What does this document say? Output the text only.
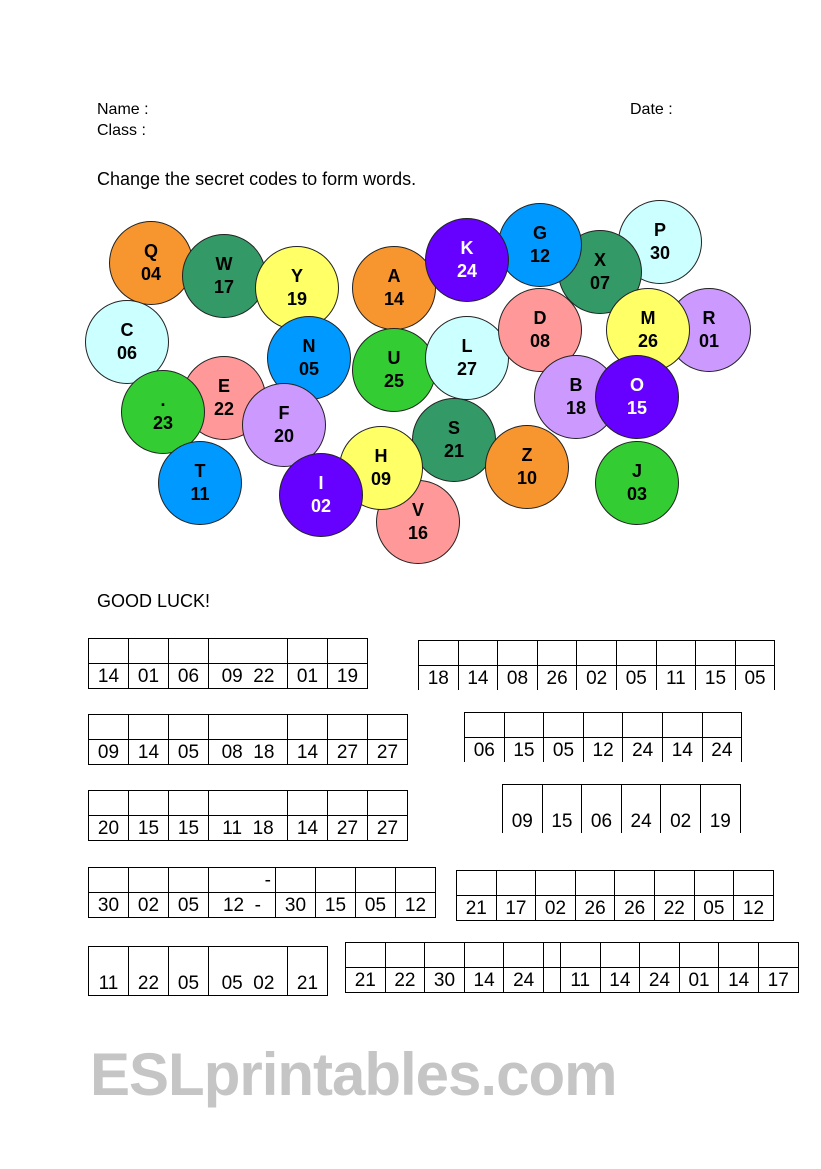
Name :
Class :
Date :
Change the secret codes to form words.
Q
04	W
17
Y
19
A
14
P
30
X
07
G
12
K
24
C
06	N
05
U
25
L
27
D
08
R
01
M
26
E
22
.
23	F
20
B
18
O
15
S
21
V
16
H
09
Z
10
T
11
I
02
J
03
GOOD LUCK!

14	01	06	09  22	01	19
									18	14	08	26	02	05	11	15	05

09	14	05	08  18	14	27	27
							06	15	05	12	24	14	24

20	15	15	11  18	14	27	27
						09	15	06	24	02	19
			-				
30	02	05	12  -	30	15	05	12
							21	17	02	26	26	22	05	12

11	22	05	05  02	21
											21	22	30	14	24		11	14	24	01	14	17
ESLprintables.com
